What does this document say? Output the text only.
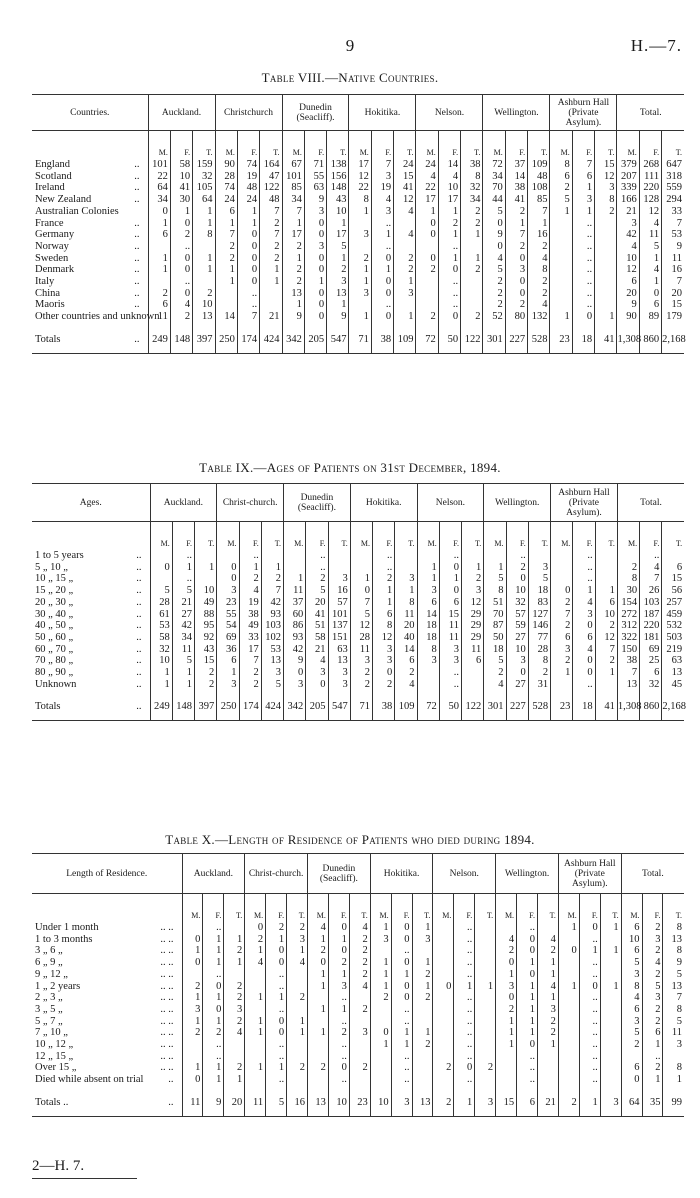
9	H.—7.
Table VIII.—Native Countries.
Countries.	Auckland.			Christchurch			Dunedin (Seacliff).			Hokitika.			Nelson.			Wellington.			Ashburn Hall (Private Asylum).			Total.		
	M.	F.	T.	M.	F.	T.	M.	F.	T.	M.	F.	T.	M.	F.	T.	M.	F.	T.	M.	F.	T.	M.	F.	T.

England ..	101	58	159	90	74	164	67	71	138	17	7	24	24	14	38	72	37	109	8	7	15	379	268	647

Scotland ..	22	10	32	28	19	47	101	55	156	12	3	15	4	4	8	34	14	48	6	6	12	207	111	318

Ireland ..	64	41	105	74	48	122	85	63	148	22	19	41	22	10	32	70	38	108	2	1	3	339	220	559

New Zealand ..	34	30	64	24	24	48	34	9	43	8	4	12	17	17	34	44	41	85	5	3	8	166	128	294

Australian Colonies	0	1	1	6	1	7	7	3	10	1	3	4	1	1	2	5	2	7	1	1	2	21	12	33

France ..	1	0	1	1	1	2	1	0	1		..		0	2	2	0	1	1		..		3	4	7

Germany ..	6	2	8	7	0	7	17	0	17	3	1	4	0	1	1	9	7	16		..		42	11	53

Norway ..		..		2	0	2	2	3	5		..			..		0	2	2		..		4	5	9

Sweden ..	1	0	1	2	0	2	1	0	1	2	0	2	0	1	1	4	0	4		..		10	1	11

Denmark ..	1	0	1	1	0	1	2	0	2	1	1	2	2	0	2	5	3	8		..		12	4	16

Italy ..		..		1	0	1	2	1	3	1	0	1		..		2	0	2		..		6	1	7

China ..	2	0	2		..		13	0	13	3	0	3		..		2	0	2		..		20	0	20

Maoris ..	6	4	10		..		1	0	1		..			..		2	2	4		..		9	6	15

Other countries and unknown	11	2	13	14	7	21	9	0	9	1	0	1	2	0	2	52	80	132	1	0	1	90	89	179

Totals ..	249	148	397	250	174	424	342	205	547	71	38	109	72	50	122	301	227	528	23	18	41	1,308	860	2,168
Table IX.—Ages of Patients on 31st December, 1894.
Ages.	Auckland.			Christ-church.			Dunedin (Seacliff).			Hokitika.			Nelson.			Wellington.			Ashburn Hall (Private Asylum).			Total.		
	M.	F.	T.	M.	F.	T.	M.	F.	T.	M.	F.	T.	M.	F.	T.	M.	F.	T.	M.	F.	T.	M.	F.	T.

1 to 5 years ..		..			..			..			..			..			..			..			..	

5 „ 10 „ ..	0	1	1	0	1	1		..			..		1	0	1	1	2	3		..		2	4	6

10 „ 15 „ ..		..		0	2	2	1	2	3	1	2	3	1	1	2	5	0	5		..		8	7	15

15 „ 20 „ ..	5	5	10	3	4	7	11	5	16	0	1	1	3	0	3	8	10	18	0	1	1	30	26	56

20 „ 30 „ ..	28	21	49	23	19	42	37	20	57	7	1	8	6	6	12	51	32	83	2	4	6	154	103	257

30 „ 40 „ ..	61	27	88	55	38	93	60	41	101	5	6	11	14	15	29	70	57	127	7	3	10	272	187	459

40 „ 50 „ ..	53	42	95	54	49	103	86	51	137	12	8	20	18	11	29	87	59	146	2	0	2	312	220	532

50 „ 60 „ ..	58	34	92	69	33	102	93	58	151	28	12	40	18	11	29	50	27	77	6	6	12	322	181	503

60 „ 70 „ ..	32	11	43	36	17	53	42	21	63	11	3	14	8	3	11	18	10	28	3	4	7	150	69	219

70 „ 80 „ ..	10	5	15	6	7	13	9	4	13	3	3	6	3	3	6	5	3	8	2	0	2	38	25	63

80 „ 90 „ ..	1	1	2	1	2	3	0	3	3	2	0	2		..		2	0	2	1	0	1	7	6	13

Unknown ..	1	1	2	3	2	5	3	0	3	2	2	4		..		4	27	31		..		13	32	45

Totals ..	249	148	397	250	174	424	342	205	547	71	38	109	72	50	122	301	227	528	23	18	41	1,308	860	2,168
Table X.—Length of Residence of Patients who died during 1894.
Length of Residence.	Auckland.			Christ-church.			Dunedin (Seacliff).			Hokitika.			Nelson.			Wellington.			Ashburn Hall (Private Asylum).			Total.		
	M.	F.	T.	M.	F.	T.	M.	F.	T.	M.	F.	T.	M.	F.	T.	M.	F.	T.	M.	F.	T.	M.	F.	T.

Under 1 month .. ..		..		0	2	2	4	0	4	1	0	1		..			..		1	0	1	6	2	8

1 to 3 months .. ..	0	1	1	2	1	3	1	1	2	3	0	3		..		4	0	4		..		10	3	13

3 „ 6 „ .. ..	1	1	2	1	0	1	2	0	2		..			..		2	0	2	0	1	1	6	2	8

6 „ 9 „ .. ..	0	1	1	4	0	4	0	2	2	1	0	1		..		0	1	1		..		5	4	9

9 „ 12 „ .. ..		..			..		1	1	2	1	1	2		..		1	0	1		..		3	2	5

1 „ 2 years .. ..	2	0	2		..		1	3	4	1	0	1	0	1	1	3	1	4	1	0	1	8	5	13

2 „ 3 „ .. ..	1	1	2	1	1	2		..		2	0	2		..		0	1	1		..		4	3	7

3 „ 5 „ .. ..	3	0	3		..		1	1	2		..			..		2	1	3		..		6	2	8

5 „ 7 „ .. ..	1	1	2	1	0	1		..			..			..		1	1	2		..		3	2	5

7 „ 10 „ .. ..	2	2	4	1	0	1	1	2	3	0	1	1		..		1	1	2		..		5	6	11

10 „ 12 „ .. ..		..			..			..		1	1	2		..		1	0	1		..		2	1	3

12 „ 15 „ .. ..		..			..			..			..			..			..			..			..	

Over 15 „ .. ..	1	1	2	1	1	2	2	0	2		..		2	0	2		..			..		6	2	8

Died while absent on trial ..	0	1	1		..			..			..			..			..			..		0	1	1

Totals .. ..	11	9	20	11	5	16	13	10	23	10	3	13	2	1	3	15	6	21	2	1	3	64	35	99
2—H. 7.
